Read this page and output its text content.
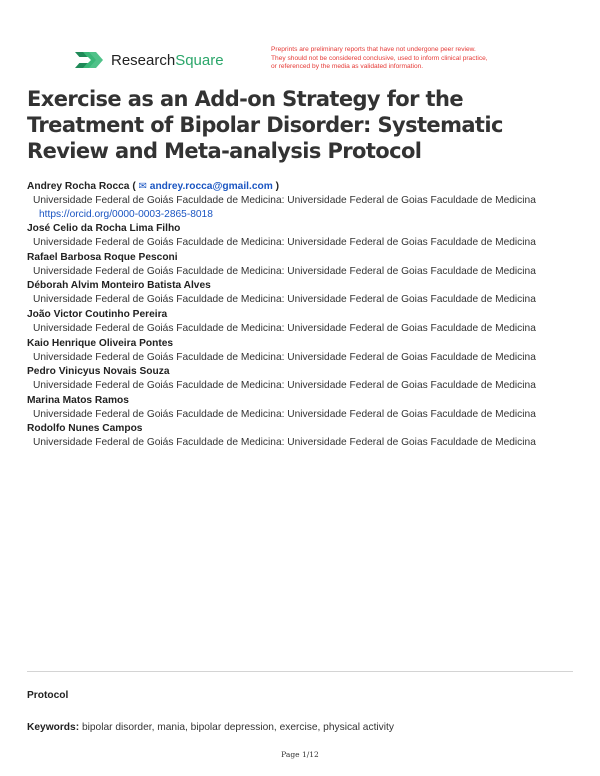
ResearchSquare
Preprints are preliminary reports that have not undergone peer review.
They should not be considered conclusive, used to inform clinical practice,
or referenced by the media as validated information.
Exercise as an Add-on Strategy for the Treatment of Bipolar Disorder: Systematic Review and Meta-analysis Protocol
Andrey Rocha Rocca ( ✉ andrey.rocca@gmail.com )
Universidade Federal de Goiás Faculdade de Medicina: Universidade Federal de Goias Faculdade de Medicina https://orcid.org/0000-0003-2865-8018
José Celio da Rocha Lima Filho
Universidade Federal de Goiás Faculdade de Medicina: Universidade Federal de Goias Faculdade de Medicina
Rafael Barbosa Roque Pesconi
Universidade Federal de Goiás Faculdade de Medicina: Universidade Federal de Goias Faculdade de Medicina
Déborah Alvim Monteiro Batista Alves
Universidade Federal de Goiás Faculdade de Medicina: Universidade Federal de Goias Faculdade de Medicina
João Victor Coutinho Pereira
Universidade Federal de Goiás Faculdade de Medicina: Universidade Federal de Goias Faculdade de Medicina
Kaio Henrique Oliveira Pontes
Universidade Federal de Goiás Faculdade de Medicina: Universidade Federal de Goias Faculdade de Medicina
Pedro Vinicyus Novais Souza
Universidade Federal de Goiás Faculdade de Medicina: Universidade Federal de Goias Faculdade de Medicina
Marina Matos Ramos
Universidade Federal de Goiás Faculdade de Medicina: Universidade Federal de Goias Faculdade de Medicina
Rodolfo Nunes Campos
Universidade Federal de Goiás Faculdade de Medicina: Universidade Federal de Goias Faculdade de Medicina
Protocol
Keywords: bipolar disorder, mania, bipolar depression, exercise, physical activity
Page 1/12
